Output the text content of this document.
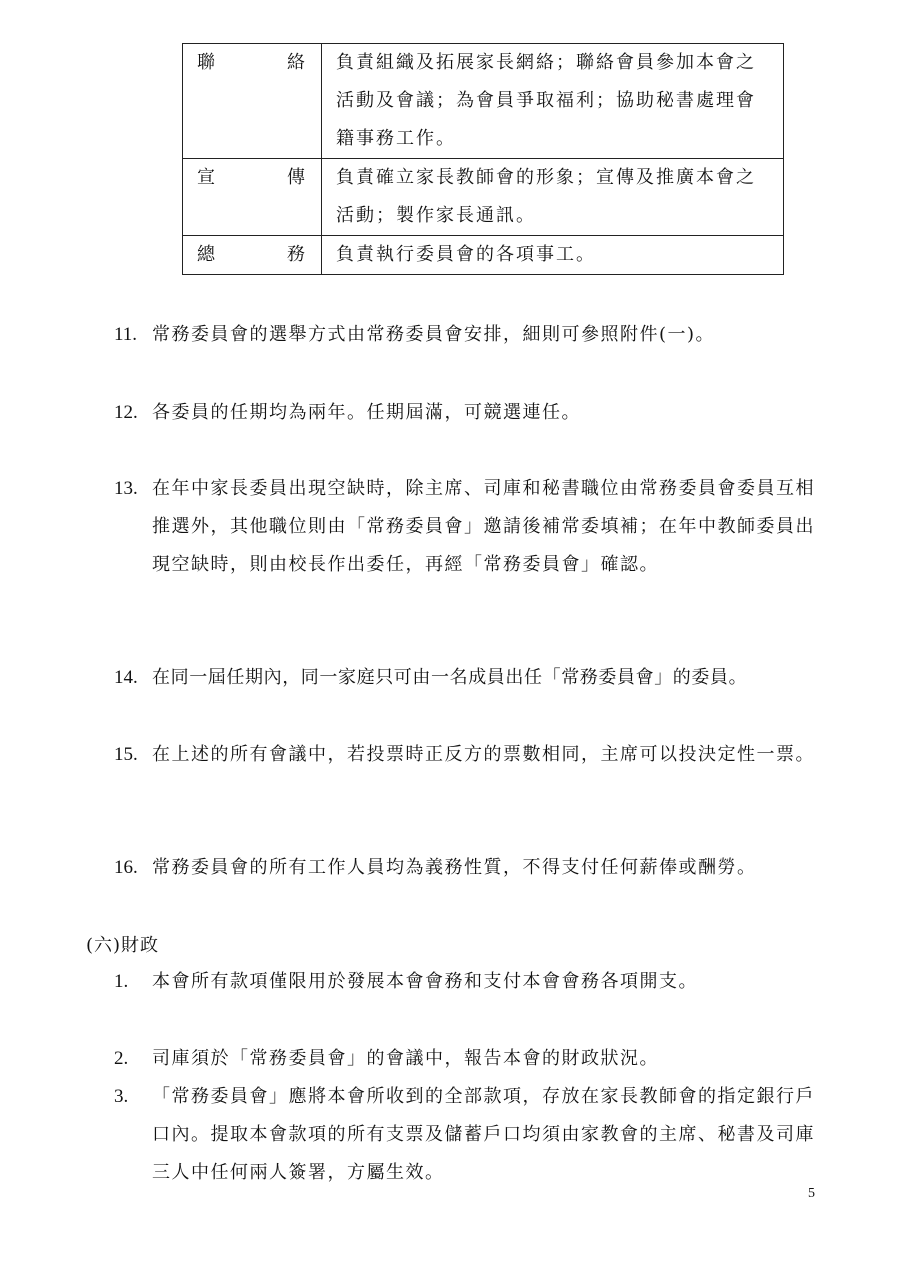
聯 絡	負責組織及拓展家長網絡；聯絡會員參加本會之活動及會議；為會員爭取福利；協助秘書處理會籍事務工作。

宣 傳	負責確立家長教師會的形象；宣傳及推廣本會之活動；製作家長通訊。

總 務	負責執行委員會的各項事工。
11. 常務委員會的選舉方式由常務委員會安排，細則可參照附件(一)。
12. 各委員的任期均為兩年。任期屆滿，可競選連任。
13. 在年中家長委員出現空缺時，除主席、司庫和秘書職位由常務委員會委員互相推選外，其他職位則由「常務委員會」邀請後補常委填補；在年中教師委員出現空缺時，則由校長作出委任，再經「常務委員會」確認。
14. 在同一屆任期內，同一家庭只可由一名成員出任「常務委員會」的委員。
15. 在上述的所有會議中，若投票時正反方的票數相同，主席可以投決定性一票。
16. 常務委員會的所有工作人員均為義務性質，不得支付任何薪俸或酬勞。
(六)財政
1.	本會所有款項僅限用於發展本會會務和支付本會會務各項開支。
2.	司庫須於「常務委員會」的會議中，報告本會的財政狀況。
3.	「常務委員會」應將本會所收到的全部款項，存放在家長教師會的指定銀行戶口內。提取本會款項的所有支票及儲蓄戶口均須由家教會的主席、秘書及司庫三人中任何兩人簽署，方屬生效。
5
